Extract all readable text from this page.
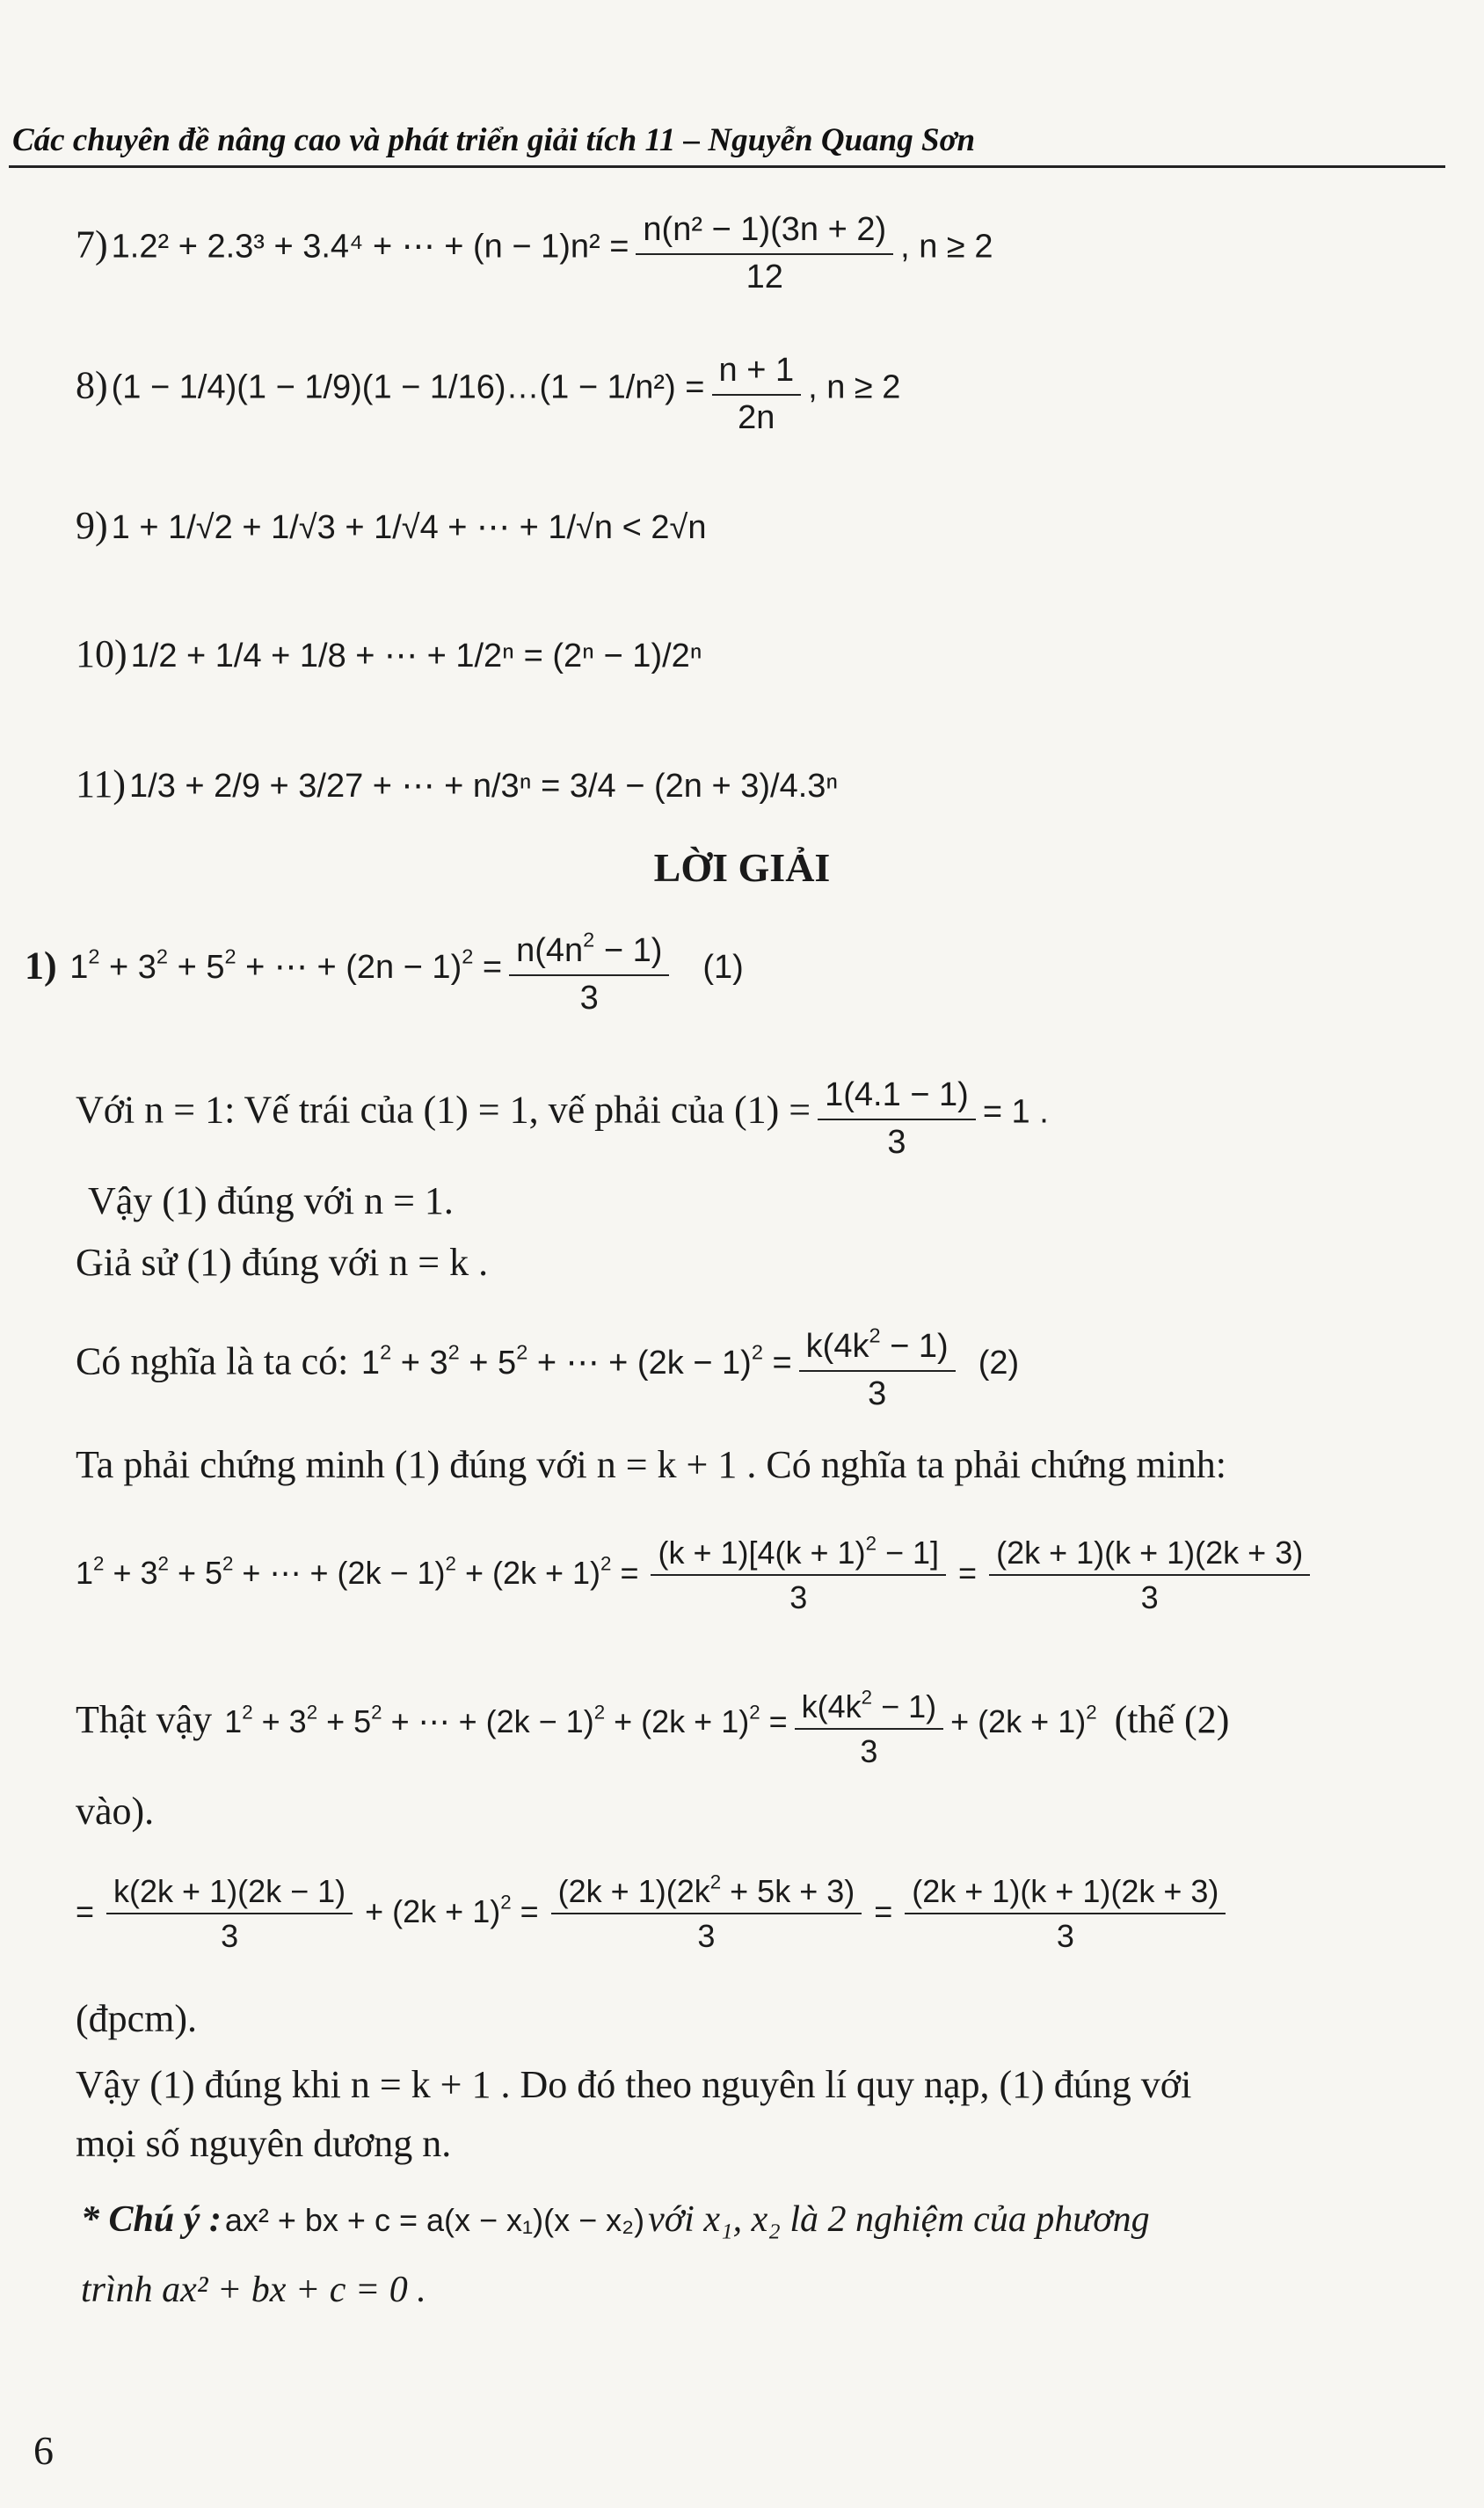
Các chuyên đề nâng cao và phát triển giải tích 11 – Nguyễn Quang Sơn
7) 1.2² + 2.3³ + 3.4⁴ + ⋯ + $(n - 1)n^2 = \frac{\text{n(n² − 1)(3n + 2)}}{12}$ , n ≥ 2
8) (1 − 1/4)(1 − 1/9)(1 − 1/16)…(1 − $1/n^2) = \frac{n + 1}{2n}$ , n ≥ 2
9) 1 + 1/√2 + 1/√3 + 1/√4 + ⋯ + 1/√n < 2√n
10) 1/2 + 1/4 + 1/8 + ⋯ + 1/2ⁿ = (2ⁿ − 1)/2ⁿ
11) 1/3 + 2/9 + 3/27 + ⋯ + n/3ⁿ = 3/4 − (2n + 3)/4.3ⁿ
LỜI GIẢI
1)  $1^2 + 3^2 + 5^2$ + ⋯ + $(2n - 1)^2 = \frac{n(4n^2 - 1)}{3} (1)$
Với n = 1: Vế trái của (1) = 1, vế phải của $(1) = \frac{1(4.1 - 1)}{3} = 1$ .
Vậy (1) đúng với n = 1.
Giả sử (1) đúng với n = k .
Có nghĩa là ta có:  $1^2 + 3^2 + 5^2$ + ⋯ + $(2k - 1)^2 = \frac{k(4k^2 - 1)}{3} (2)$
Ta phải chứng minh (1) đúng với n = k + 1 . Có nghĩa ta phải chứng minh:
$1^2 + 3^2 + 5^2$ + ⋯ + $(2k - 1)^2 + (2k + 1)^2 = \frac{(k + 1)[4(k + 1)^2 - 1]}{3} = \frac{(2k + 1)(k + 1)(2k + 3)}{3}$
Thật vậy  $1^2 + 3^2 + 5^2$ + ⋯ + $(2k - 1)^2 + (2k + 1)^2 = \frac{k(4k^2 - 1)}{3} + (2k + 1)^2$ (thế (2)
vào).
= $\frac{k(2k + 1)(2k - 1)}{3} + (2k + 1)^2 = \frac{(2k + 1)(2k^2 + 5k + 3)}{3} = \frac{(2k + 1)(k + 1)(2k + 3)}{3}$
(đpcm).
Vậy (1) đúng khi n = k + 1 . Do đó theo nguyên lí quy nạp, (1) đúng với
mọi số nguyên dương n.
* Chú ý : ax² + bx + c = a(x − x₁)(x − x₂) với x₁, x₂ là 2 nghiệm của phương
trình ax² + bx + c = 0 .
6
